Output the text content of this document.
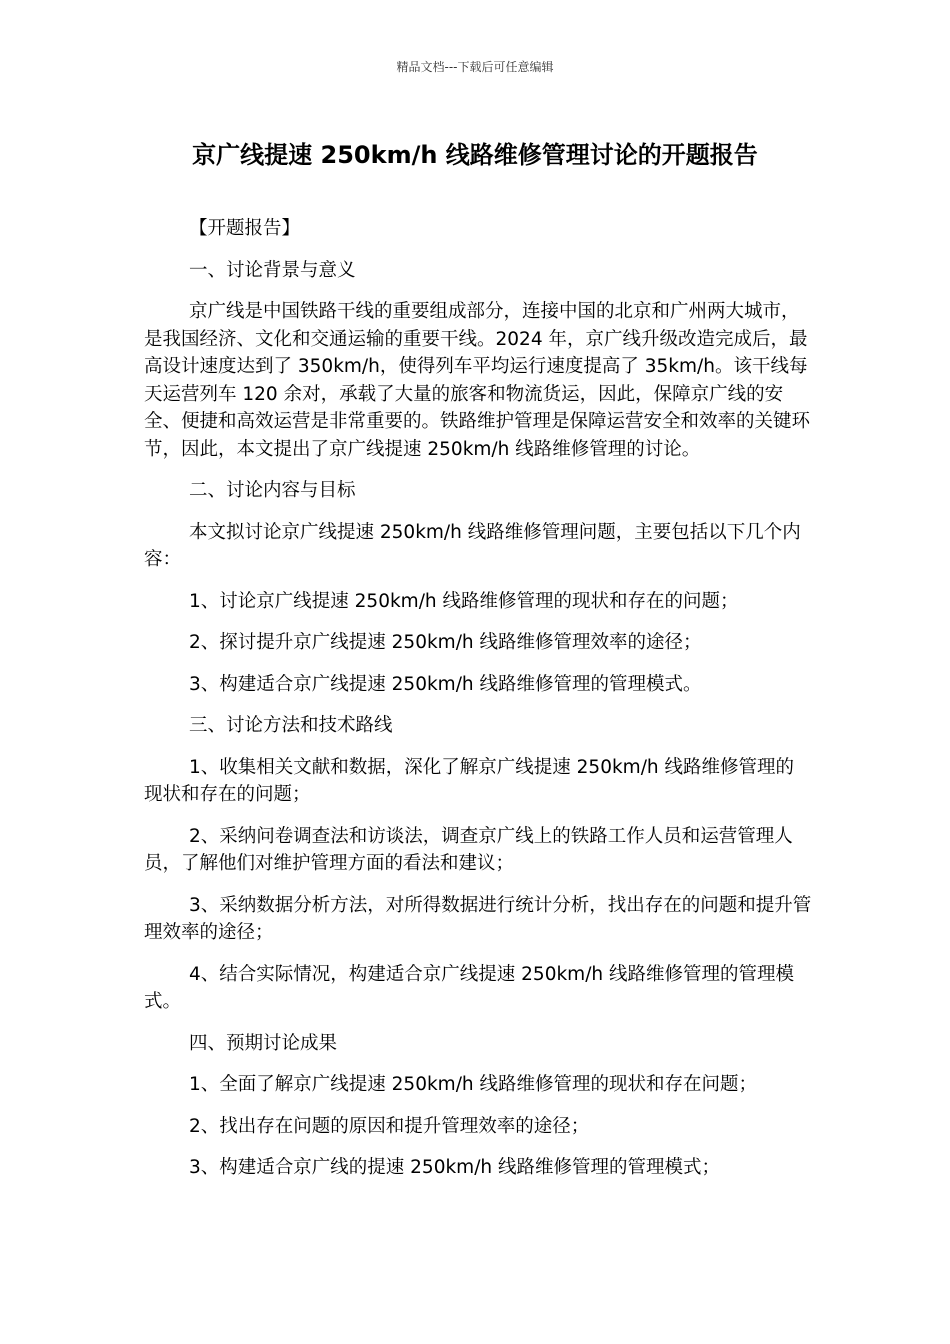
精品文档---下载后可任意编辑
京广线提速 250km/h 线路维修管理讨论的开题报告

【开题报告】

一、讨论背景与意义

京广线是中国铁路干线的重要组成部分，连接中国的北京和广州两大城市，是我国经济、文化和交通运输的重要干线。2024 年，京广线升级改造完成后，最高设计速度达到了 350km/h，使得列车平均运行速度提高了 35km/h。该干线每天运营列车 120 余对，承载了大量的旅客和物流货运，因此，保障京广线的安全、便捷和高效运营是非常重要的。铁路维护管理是保障运营安全和效率的关键环节，因此，本文提出了京广线提速 250km/h 线路维修管理的讨论。

二、讨论内容与目标

本文拟讨论京广线提速 250km/h 线路维修管理问题，主要包括以下几个内容：

1、讨论京广线提速 250km/h 线路维修管理的现状和存在的问题；

2、探讨提升京广线提速 250km/h 线路维修管理效率的途径；

3、构建适合京广线提速 250km/h 线路维修管理的管理模式。

三、讨论方法和技术路线

1、收集相关文献和数据，深化了解京广线提速 250km/h 线路维修管理的现状和存在的问题；

2、采纳问卷调查法和访谈法，调查京广线上的铁路工作人员和运营管理人员，了解他们对维护管理方面的看法和建议；

3、采纳数据分析方法，对所得数据进行统计分析，找出存在的问题和提升管理效率的途径；

4、结合实际情况，构建适合京广线提速 250km/h 线路维修管理的管理模式。

四、预期讨论成果

1、全面了解京广线提速 250km/h 线路维修管理的现状和存在问题；

2、找出存在问题的原因和提升管理效率的途径；

3、构建适合京广线的提速 250km/h 线路维修管理的管理模式；
